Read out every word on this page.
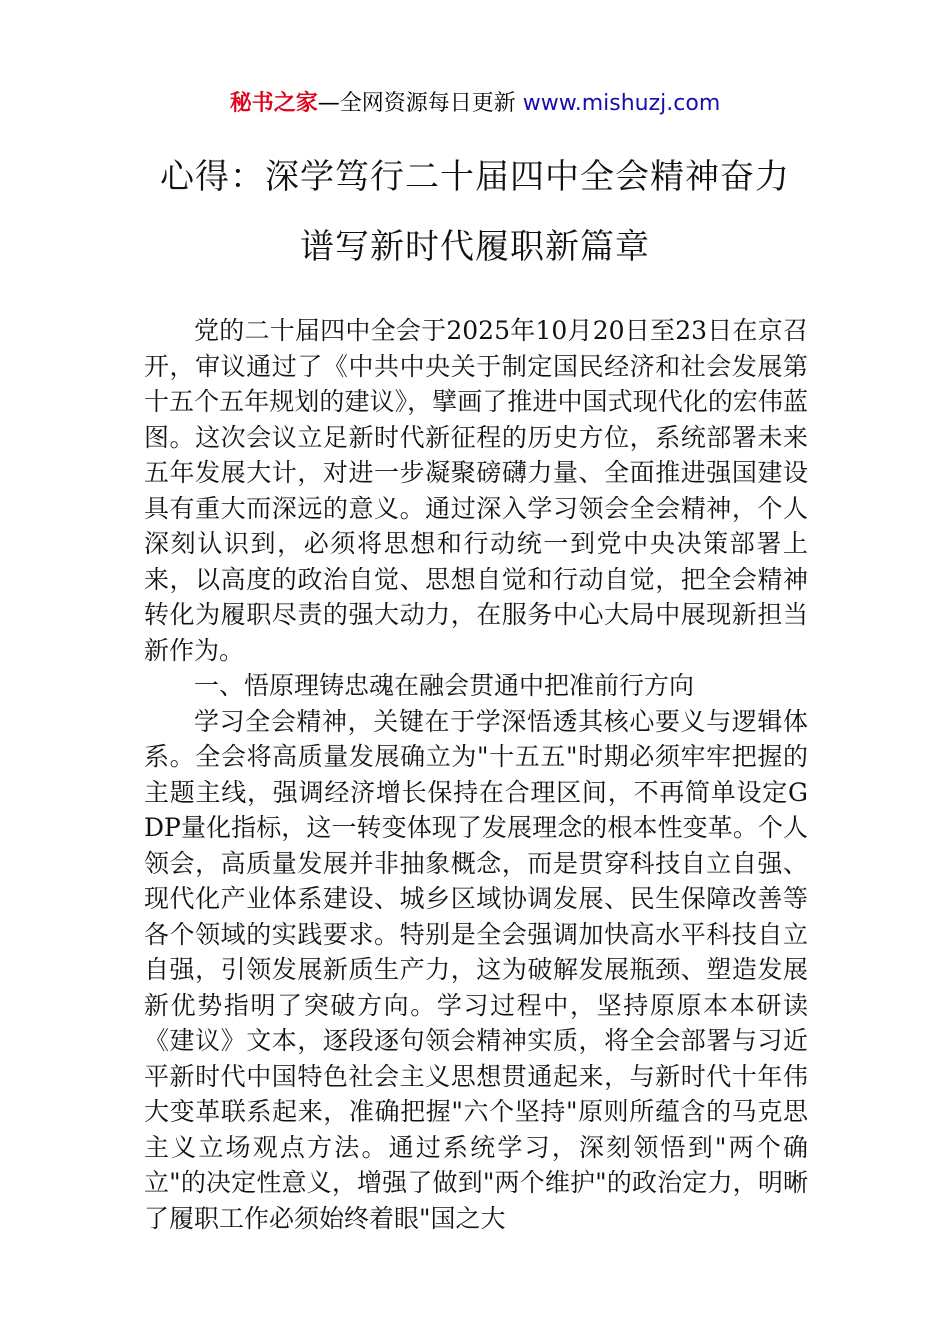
秘书之家—全网资源每日更新 www.mishuzj.com
心得：深学笃行二十届四中全会精神奋力
谱写新时代履职新篇章

党的二十届四中全会于2025年10月20日至23日在京召开，审议通过了《中共中央关于制定国民经济和社会发展第十五个五年规划的建议》，擘画了推进中国式现代化的宏伟蓝图。这次会议立足新时代新征程的历史方位，系统部署未来五年发展大计，对进一步凝聚磅礴力量、全面推进强国建设具有重大而深远的意义。通过深入学习领会全会精神，个人深刻认识到，必须将思想和行动统一到党中央决策部署上来，以高度的政治自觉、思想自觉和行动自觉，把全会精神转化为履职尽责的强大动力，在服务中心大局中展现新担当新作为。

一、悟原理铸忠魂在融会贯通中把准前行方向

学习全会精神，关键在于学深悟透其核心要义与逻辑体系。全会将高质量发展确立为"十五五"时期必须牢牢把握的主题主线，强调经济增长保持在合理区间，不再简单设定GDP量化指标，这一转变体现了发展理念的根本性变革。个人领会，高质量发展并非抽象概念，而是贯穿科技自立自强、现代化产业体系建设、城乡区域协调发展、民生保障改善等各个领域的实践要求。特别是全会强调加快高水平科技自立自强，引领发展新质生产力，这为破解发展瓶颈、塑造发展新优势指明了突破方向。学习过程中，坚持原原本本研读《建议》文本，逐段逐句领会精神实质，将全会部署与习近平新时代中国特色社会主义思想贯通起来，与新时代十年伟大变革联系起来，准确把握"六个坚持"原则所蕴含的马克思主义立场观点方法。通过系统学习，深刻领悟到"两个确立"的决定性意义，增强了做到"两个维护"的政治定力，明晰了履职工作必须始终着眼"国之大
